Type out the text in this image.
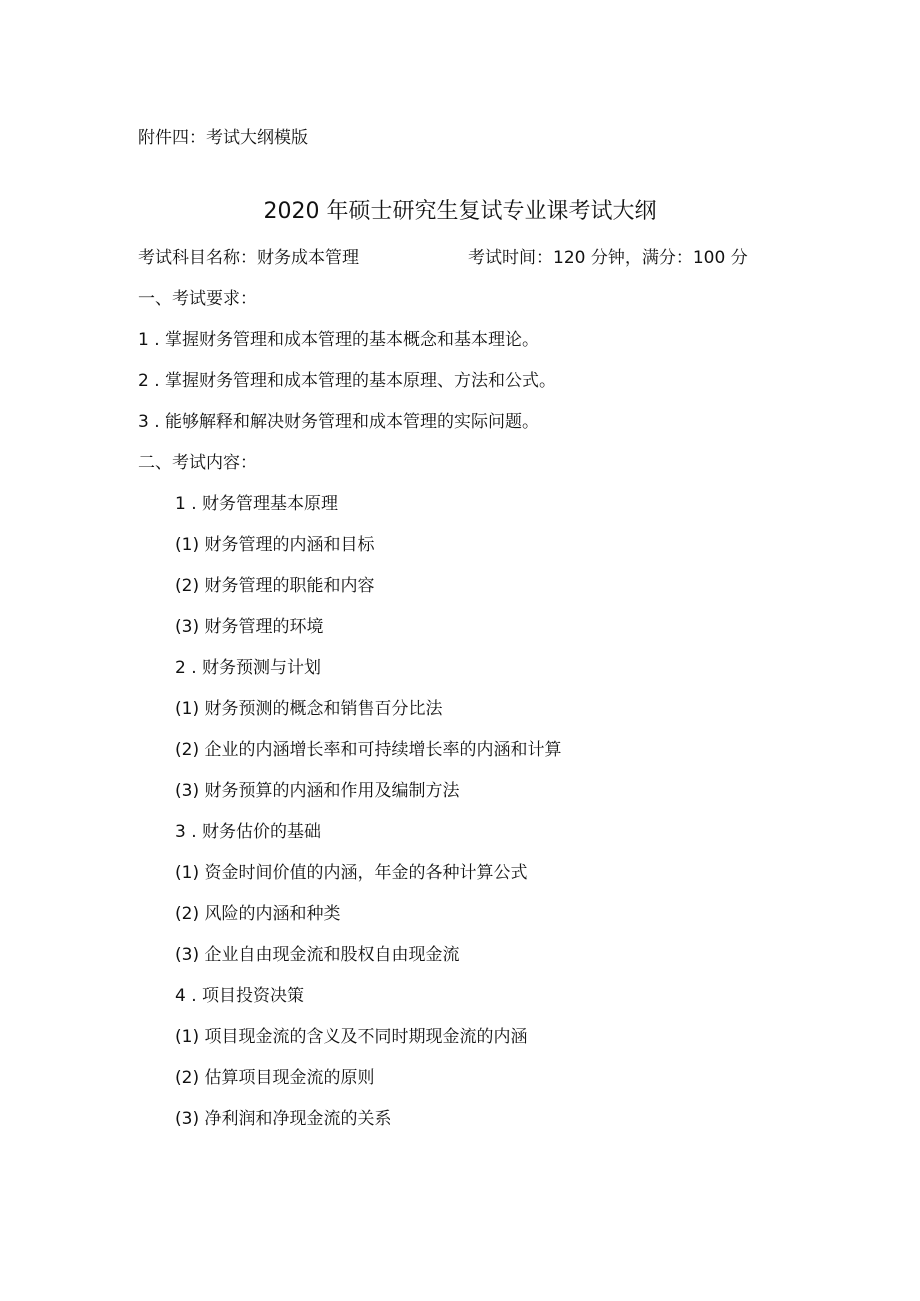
附件四：考试大纲模版
2020 年硕士研究生复试专业课考试大纲
考试科目名称：财务成本管理	考试时间：120 分钟，满分：100 分
一、考试要求：
1 . 掌握财务管理和成本管理的基本概念和基本理论。
2 . 掌握财务管理和成本管理的基本原理、方法和公式。
3 . 能够解释和解决财务管理和成本管理的实际问题。
二、考试内容：
1 . 财务管理基本原理
(1) 财务管理的内涵和目标
(2) 财务管理的职能和内容
(3) 财务管理的环境
2 . 财务预测与计划
(1) 财务预测的概念和销售百分比法
(2) 企业的内涵增长率和可持续增长率的内涵和计算
(3) 财务预算的内涵和作用及编制方法
3 . 财务估价的基础
(1) 资金时间价值的内涵，年金的各种计算公式
(2) 风险的内涵和种类
(3) 企业自由现金流和股权自由现金流
4 . 项目投资决策
(1) 项目现金流的含义及不同时期现金流的内涵
(2) 估算项目现金流的原则
(3) 净利润和净现金流的关系
